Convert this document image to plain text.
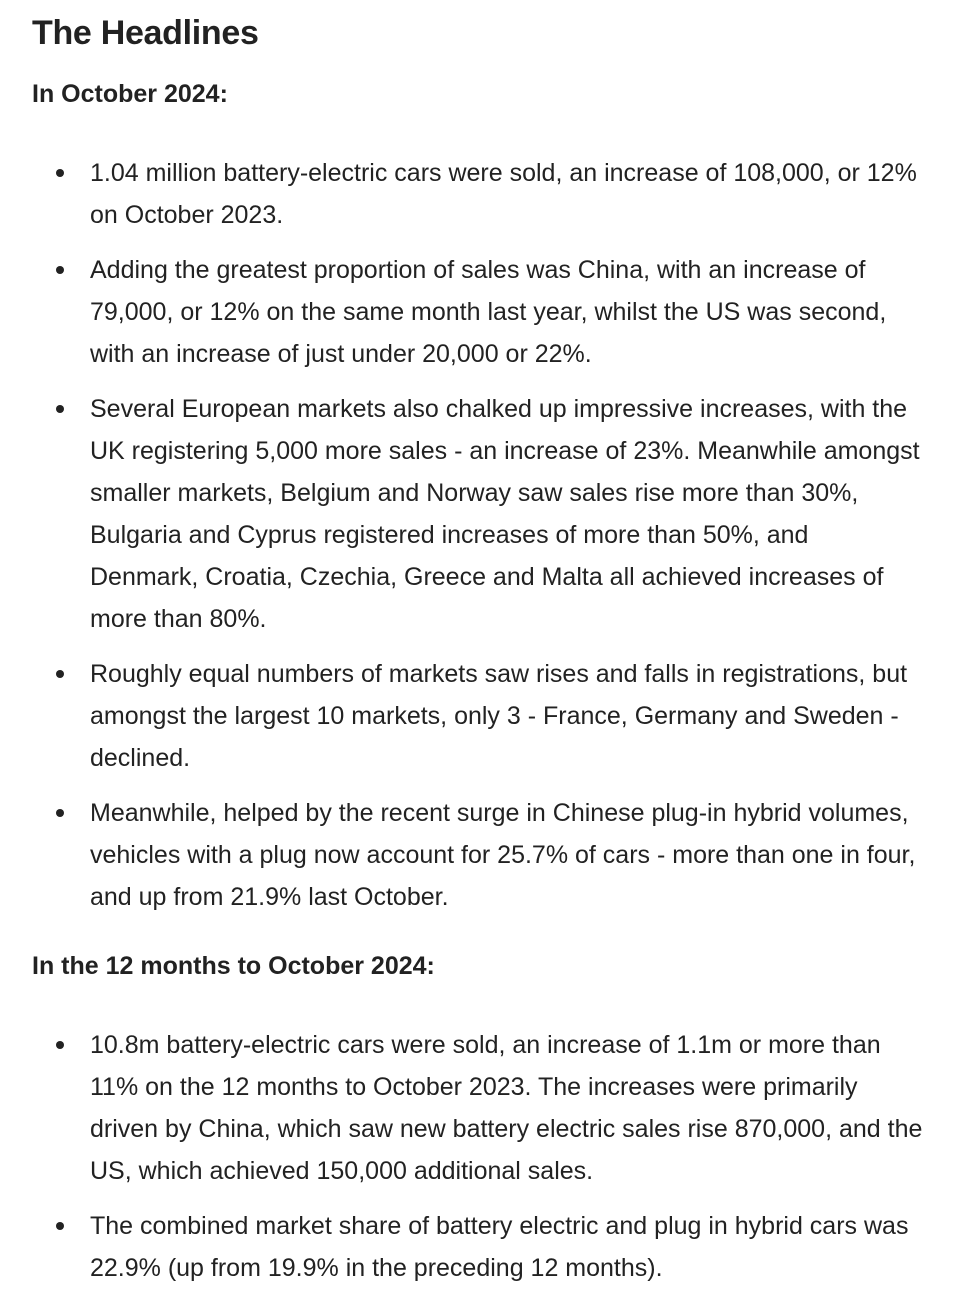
The Headlines
In October 2024:
1.04 million battery-electric cars were sold, an increase of 108,000, or 12% on October 2023.
Adding the greatest proportion of sales was China, with an increase of 79,000, or 12% on the same month last year, whilst the US was second, with an increase of just under 20,000 or 22%.
Several European markets also chalked up impressive increases, with the UK registering 5,000 more sales - an increase of 23%. Meanwhile amongst smaller markets, Belgium and Norway saw sales rise more than 30%, Bulgaria and Cyprus registered increases of more than 50%, and Denmark, Croatia, Czechia, Greece and Malta all achieved increases of more than 80%.
Roughly equal numbers of markets saw rises and falls in registrations, but amongst the largest 10 markets, only 3 - France, Germany and Sweden - declined.
Meanwhile, helped by the recent surge in Chinese plug-in hybrid volumes, vehicles with a plug now account for 25.7% of cars - more than one in four, and up from 21.9% last October.
In the 12 months to October 2024:
10.8m battery-electric cars were sold, an increase of 1.1m or more than 11% on the 12 months to October 2023. The increases were primarily driven by China, which saw new battery electric sales rise 870,000, and the US, which achieved 150,000 additional sales.
The combined market share of battery electric and plug in hybrid cars was 22.9% (up from 19.9% in the preceding 12 months).
